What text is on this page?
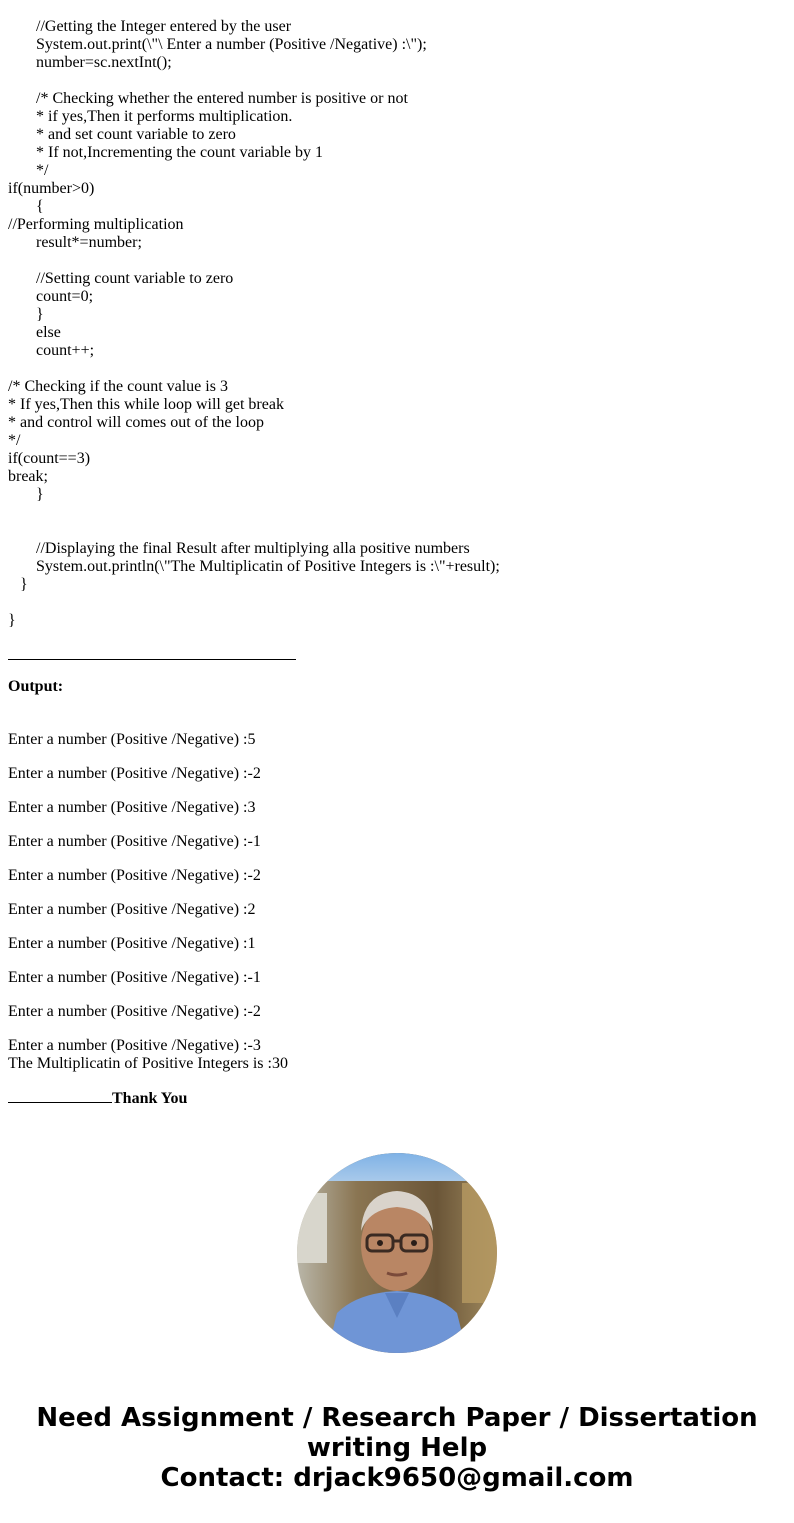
//Getting the Integer entered by the user
System.out.print(\"\ Enter a number (Positive /Negative) :\");
number=sc.nextInt();
/* Checking whether the entered number is positive or not
* if yes,Then it performs multiplication.
* and set count variable to zero
* If not,Incrementing the count variable by 1
*/
if(number>0)
{
//Performing multiplication
result*=number;
//Setting count variable to zero
count=0;
}
else
count++;
/* Checking if the count value is 3
* If yes,Then this while loop will get break
* and control will comes out of the loop
*/
if(count==3)
break;
}
//Displaying the final Result after multiplying alla positive numbers
System.out.println(\"The Multiplicatin of Positive Integers is :\"+result);
}
}
Output:
Enter a number (Positive /Negative) :5
Enter a number (Positive /Negative) :-2
Enter a number (Positive /Negative) :3
Enter a number (Positive /Negative) :-1
Enter a number (Positive /Negative) :-2
Enter a number (Positive /Negative) :2
Enter a number (Positive /Negative) :1
Enter a number (Positive /Negative) :-1
Enter a number (Positive /Negative) :-2
Enter a number (Positive /Negative) :-3
The Multiplicatin of Positive Integers is :30
Thank You
Need Assignment / Research Paper / Dissertation
writing Help
Contact: drjack9650@gmail.com
